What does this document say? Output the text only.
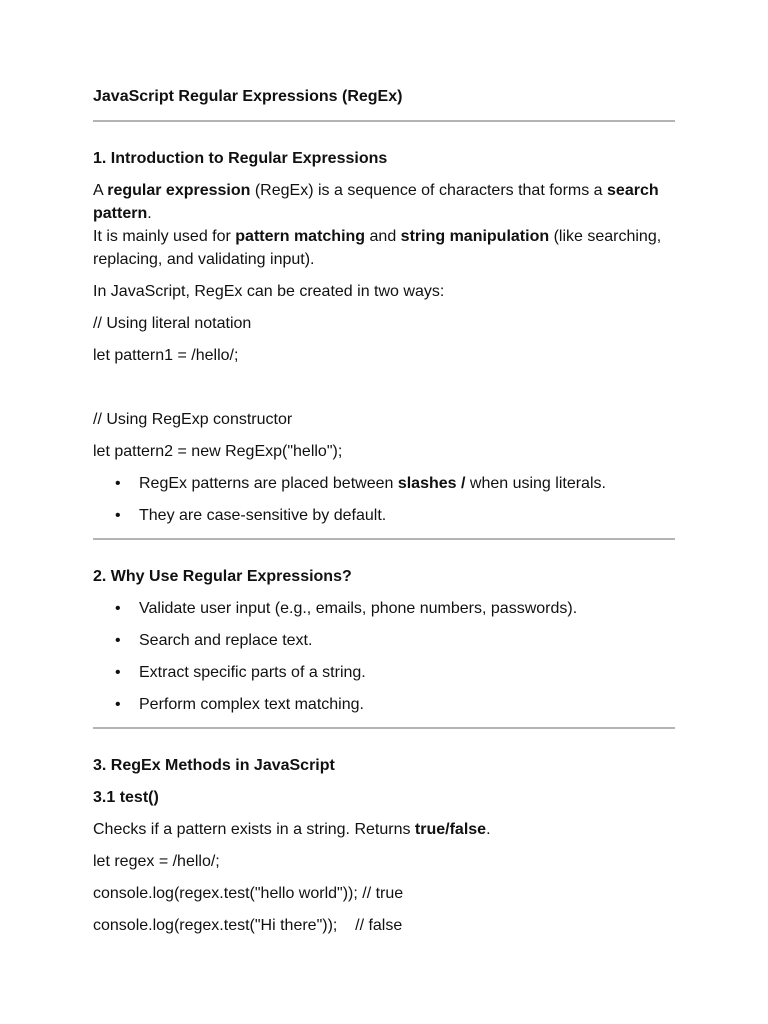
JavaScript Regular Expressions (RegEx)

1. Introduction to Regular Expressions

A regular expression (RegEx) is a sequence of characters that forms a search pattern.

It is mainly used for pattern matching and string manipulation (like searching, replacing, and validating input).

In JavaScript, RegEx can be created in two ways:

// Using literal notation

let pattern1 = /hello/;

// Using RegExp constructor

let pattern2 = new RegExp("hello");

• RegEx patterns are placed between slashes / when using literals.
• They are case-sensitive by default.

2. Why Use Regular Expressions?

• Validate user input (e.g., emails, phone numbers, passwords).
• Search and replace text.
• Extract specific parts of a string.
• Perform complex text matching.

3. RegEx Methods in JavaScript

3.1 test()

Checks if a pattern exists in a string. Returns true/false.

let regex = /hello/;

console.log(regex.test("hello world")); // true

console.log(regex.test("Hi there"));    // false
